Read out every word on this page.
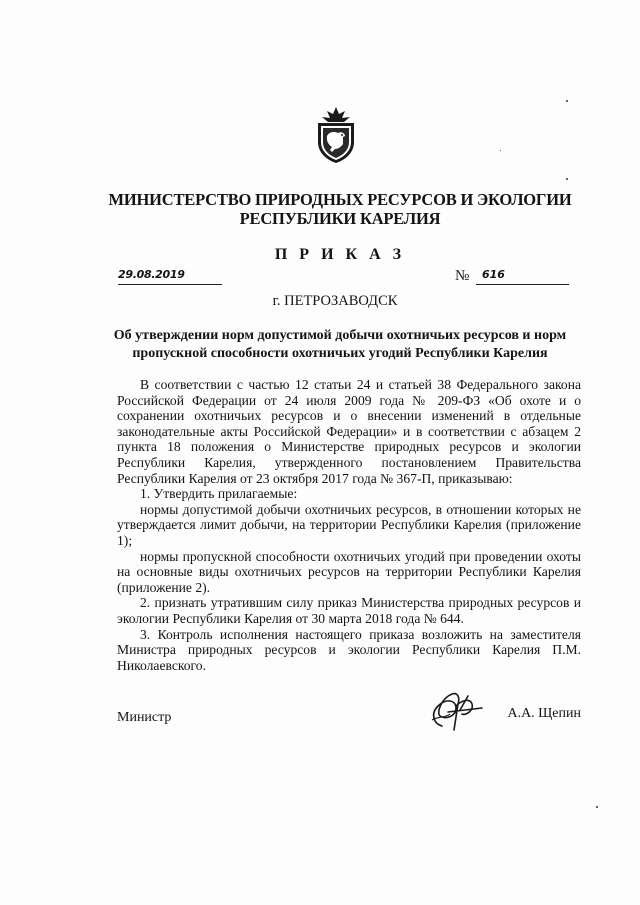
МИНИСТЕРСТВО ПРИРОДНЫХ РЕСУРСОВ И ЭКОЛОГИИ
РЕСПУБЛИКИ КАРЕЛИЯ
П Р И К А З
29.08.2019	№ 616
г. ПЕТРОЗАВОДСК
Об утверждении норм допустимой добычи охотничьих ресурсов и норм
пропускной способности охотничьих угодий Республики Карелия

В соответствии с частью 12 статьи 24 и статьей 38 Федерального закона Российской Федерации от 24 июля 2009 года № 209-ФЗ «Об охоте и о сохранении охотничьих ресурсов и о внесении изменений в отдельные законодательные акты Российской Федерации» и в соответствии с абзацем 2 пункта 18 положения о Министерстве природных ресурсов и экологии Республики Карелия, утвержденного постановлением Правительства Республики Карелия от 23 октября 2017 года № 367-П, приказываю:

1. Утвердить прилагаемые:

нормы допустимой добычи охотничьих ресурсов, в отношении которых не утверждается лимит добычи, на территории Республики Карелия (приложение 1);

нормы пропускной способности охотничьих угодий при проведении охоты на основные виды охотничьих ресурсов на территории Республики Карелия (приложение 2).

2. признать утратившим силу приказ Министерства природных ресурсов и экологии Республики Карелия от 30 марта 2018 года № 644.

3. Контроль исполнения настоящего приказа возложить на заместителя Министра природных ресурсов и экологии Республики Карелия П.М. Николаевского.

Министр	А.А. Щепин
